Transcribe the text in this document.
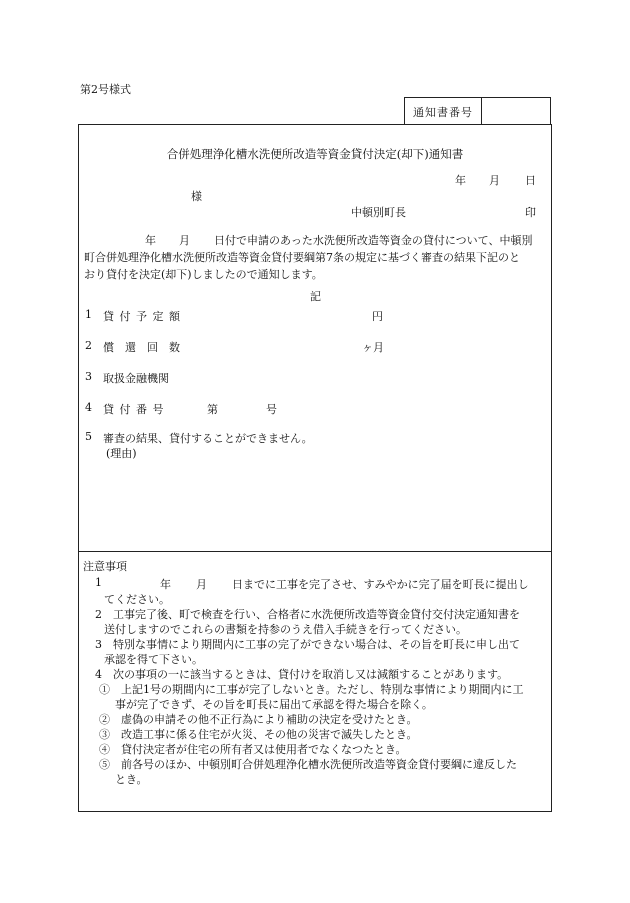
第2号様式
通知書番号
合併処理浄化槽水洗便所改造等資金貸付決定(却下)通知書
年 月 日
様
中頓別町長	印
年 月 日付で申請のあった水洗便所改造等資金の貸付について、中頓別
町合併処理浄化槽水洗便所改造等資金貸付要綱第7条の規定に基づく審査の結果下記のと
おり貸付を決定(却下)しましたので通知します。
記
1 貸 付 予 定 額	円
2 償　還　回　数	ヶ月
3 取扱金融機関
4 貸 付 番 号	第	号
5 審査の結果、貸付することができません。
(理由)
注意事項
1	年 月 日までに工事を完了させ、すみやかに完了届を町長に提出し
てください。
2　工事完了後、町で検査を行い、合格者に水洗便所改造等資金貸付交付決定通知書を
送付しますのでこれらの書類を持参のうえ借入手続きを行ってください。
3　特別な事情により期間内に工事の完了ができない場合は、その旨を町長に申し出て
承認を得て下さい。
4　次の事項の一に該当するときは、貸付けを取消し又は減額することがあります。
①　上記1号の期間内に工事が完了しないとき。ただし、特別な事情により期間内に工
事が完了できず、その旨を町長に届出て承認を得た場合を除く。
②　虚偽の申請その他不正行為により補助の決定を受けたとき。
③　改造工事に係る住宅が火災、その他の災害で滅失したとき。
④　貸付決定者が住宅の所有者又は使用者でなくなつたとき。
⑤　前各号のほか、中頓別町合併処理浄化槽水洗便所改造等資金貸付要綱に違反した
とき。
